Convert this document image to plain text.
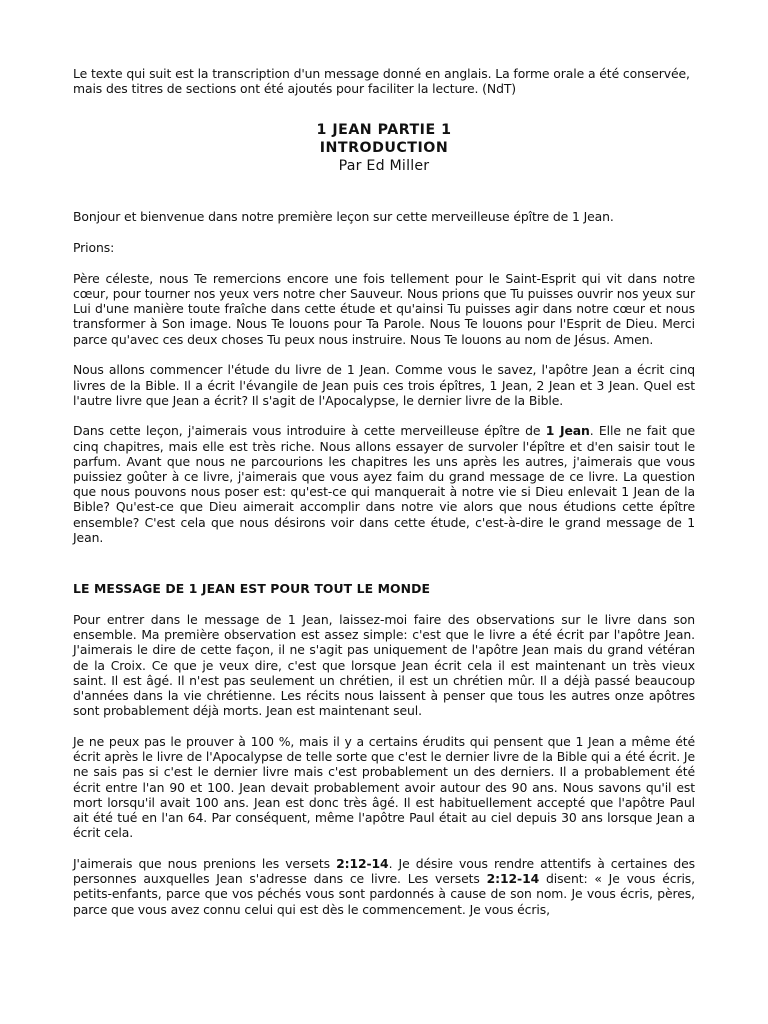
Le texte qui suit est la transcription d'un message donné en anglais. La forme orale a été conservée, mais des titres de sections ont été ajoutés pour faciliter la lecture. (NdT)

1 JEAN PARTIE 1
INTRODUCTION
Par Ed Miller

Bonjour et bienvenue dans notre première leçon sur cette merveilleuse épître de 1 Jean.

Prions:

Père céleste, nous Te remercions encore une fois tellement pour le Saint-Esprit qui vit dans notre cœur, pour tourner nos yeux vers notre cher Sauveur. Nous prions que Tu puisses ouvrir nos yeux sur Lui d'une manière toute fraîche dans cette étude et qu'ainsi Tu puisses agir dans notre cœur et nous transformer à Son image. Nous Te louons pour Ta Parole. Nous Te louons pour l'Esprit de Dieu. Merci parce qu'avec ces deux choses Tu peux nous instruire. Nous Te louons au nom de Jésus. Amen.

Nous allons commencer l'étude du livre de 1 Jean. Comme vous le savez, l'apôtre Jean a écrit cinq livres de la Bible. Il a écrit l'évangile de Jean puis ces trois épîtres, 1 Jean, 2 Jean et 3 Jean. Quel est l'autre livre que Jean a écrit? Il s'agit de l'Apocalypse, le dernier livre de la Bible.

Dans cette leçon, j'aimerais vous introduire à cette merveilleuse épître de 1 Jean. Elle ne fait que cinq chapitres, mais elle est très riche. Nous allons essayer de survoler l'épître et d'en saisir tout le parfum. Avant que nous ne parcourions les chapitres les uns après les autres, j'aimerais que vous puissiez goûter à ce livre, j'aimerais que vous ayez faim du grand message de ce livre. La question que nous pouvons nous poser est: qu'est-ce qui manquerait à notre vie si Dieu enlevait 1 Jean de la Bible? Qu'est-ce que Dieu aimerait accomplir dans notre vie alors que nous étudions cette épître ensemble? C'est cela que nous désirons voir dans cette étude, c'est-à-dire le grand message de 1 Jean.

LE MESSAGE DE 1 JEAN EST POUR TOUT LE MONDE

Pour entrer dans le message de 1 Jean, laissez-moi faire des observations sur le livre dans son ensemble. Ma première observation est assez simple: c'est que le livre a été écrit par l'apôtre Jean. J'aimerais le dire de cette façon, il ne s'agit pas uniquement de l'apôtre Jean mais du grand vétéran de la Croix. Ce que je veux dire, c'est que lorsque Jean écrit cela il est maintenant un très vieux saint. Il est âgé. Il n'est pas seulement un chrétien, il est un chrétien mûr. Il a déjà passé beaucoup d'années dans la vie chrétienne. Les récits nous laissent à penser que tous les autres onze apôtres sont probablement déjà morts. Jean est maintenant seul.

Je ne peux pas le prouver à 100 %, mais il y a certains érudits qui pensent que 1 Jean a même été écrit après le livre de l'Apocalypse de telle sorte que c'est le dernier livre de la Bible qui a été écrit. Je ne sais pas si c'est le dernier livre mais c'est probablement un des derniers. Il a probablement été écrit entre l'an 90 et 100. Jean devait probablement avoir autour des 90 ans. Nous savons qu'il est mort lorsqu'il avait 100 ans. Jean est donc très âgé. Il est habituellement accepté que l'apôtre Paul ait été tué en l'an 64. Par conséquent, même l'apôtre Paul était au ciel depuis 30 ans lorsque Jean a écrit cela.

J'aimerais que nous prenions les versets 2:12-14. Je désire vous rendre attentifs à certaines des personnes auxquelles Jean s'adresse dans ce livre. Les versets 2:12-14 disent: « Je vous écris, petits-enfants, parce que vos péchés vous sont pardonnés à cause de son nom. Je vous écris, pères, parce que vous avez connu celui qui est dès le commencement. Je vous écris,
